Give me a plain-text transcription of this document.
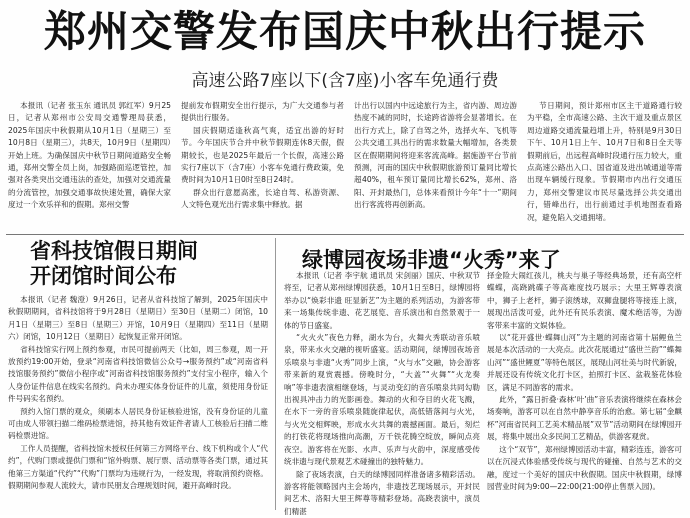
郑州交警发布国庆中秋出行提示
高速公路7座以下(含7座)小客车免通行费

本报讯（记者 张玉东 通讯员 郭红军）9月25日，记者从郑州市公安局交通警理局获悉，2025年国庆中秋假期从10月1日（星期三）至10月8日（星期三），共8天，10月9日（星期四）开始上班。为确保国庆中秋节日期间道路安全畅通，郑州交警全员上岗，加强路面巡逻管控，加强对各类突出交通违法的查处，加强对交通流量的分流管控，加强交通事故快速处置，确保大家度过一个欢乐祥和的假期。郑州交警

提前发布假期安全出行提示，为广大交通参与者提供出行服务。

国庆假期适逢秋高气爽，适宜出游的好时节。今年国庆节合并中秋节假期连休8天假，假期较长，也是2025年最后一个长假，高速公路实行7座以下（含7座）小客车免通行费政策，免费时间为10月1日0时至8日24时。

群众出行意愿高涨，长途自驾、私游资源、人文特色观光出行需求集中释放。据

计出行以国内中远途旅行为主，省内游、周边游热度不减的同时，长途跨省游将会显著增长。在出行方式上，除了自驾之外，选择火车、飞机等公共交通工具出行的需求数量大幅增加，各类景区在假期期间将迎来客流高峰。据施游平台节前预测，河南的国庆中秋假期旅游预订量同比增长超40%，租车预订量同比增长62%，郑州、洛阳、开封最热门，总体来看预计今年“十一”期间出行客流将再创新高。

节日期间，预计郑州市区主干道路通行较为平稳，全市高速公路、主次干道及重点景区周边道路交通流量趋增上升，特别是9月30日下午、10月1日上午、10月7日和8日全天等假期前后，出远程高峰时段通行压力较大，重点高速公路出入口、国省道及进出城通道等需出现车辆缓行现象。节假期市内出行交通压力，郑州交警建议市民尽量选择公共交通出行，错峰出行，出行前通过手机地图查看路况，避免陷入交通拥堵。

省科技馆假日期间
开闭馆时间公布

本报讯（记者 魏澄）9月26日，记者从省科技馆了解到，2025年国庆中秋假期期间，省科技馆将于9月28日（星期日）至30日（星期二）闭馆，10月1日（星期三）至8日（星期三）开馆，10月9日（星期四）至11日（星期六）闭馆，10月12日（星期日）起恢复正常开闭馆。

省科技馆实行网上预约参观，市民可提前两天（比如，周三参观，周一开放预约19:00开始，登录“河南省科技馆微信公众号→服务预约”或“河南省科技馆服务预约”微信小程序或“河南省科技馆服务预约”支付宝小程序，输入个人身份证件信息在线实名预约。尚未办理实体身份证件的儿童，须使用身份证件号码实名预约。

预约入馆门票的观众，须刷本人居民身份证核验进馆，没有身份证的儿童可由成人带领扫描二维码检票进馆，持其他有效证件者请人工核验后扫描二维码检票进馆。

工作人员提醒，省科技馆未授权任何第三方网络平台、线下机构或个人“代约”，代购门票或提供门票和“馆外购票、展厅票、活动票等各类门票，通过其他第三方渠道“代约”“代购”门票均为违规行为，一经发现，将取消预约资格。假期期间参观人流较大，请市民朋友合理规划时间，避开高峰时段。

绿博园夜场非遗“火秀”来了

本报讯（记者 李宇航 通讯员 宋剑丽）国庆、中秋双节将至，记者从郑州绿博园获悉，10月1日至8日，绿博园将举办以“焕彩非遗 旺显新艺”为主题的系列活动，为游客带来一场集传统非遗、花艺展览、音乐演出和自然景观于一体的节日盛宴。

“火火火”夜色力释，湖水为台，火舞火秀联动音乐喷泉，带来水火交融的视听盛宴。活动期间，绿博园夜场音乐喷泉与非遗“火秀”同步上演，“火与水”交融，协会游客带来新的观赏震撼。傍晚时分，“大盖”“火舞”“火龙奏响”等非遗表演相继登场，与灵动变幻的音乐喷泉共同勾勒出视具冲击力的光影画卷。舞动的火和夺目的火花飞溅，在水下一旁的音乐喷泉随旋律起伏，高低错落间与火光，与火光交相辉映，形成水火共舞的震撼画面。最后，刻烂的打铁花将现场推向高潮，万千铁花腾空绽放，瞬间点亮夜空。游客将在光影、水声、乐声与火韵中，深度感受传统非遗与现代景观艺术碰撞出的独特魅力。

除了夜场表演，白天的绿博园同样准备诸多精彩活动。游客将能领略园内主会场内，非遗技艺现场展示，开封民间艺术、洛阳大里王辉尊等精彩登场。高跷表演中，演员们精湛

择金险大闹红孩儿，桃夫与巢子等经典场景，还有高空杆蝶蝶，高跷跳碟子等高难度技巧展示；大里王辉尊表演中，狮子上老杆，狮子滚绣球，双狮盘腿将等接连上演，展现出活泼可爱，此外还有民乐表演、魔术绝活等，为游客带来丰富的文娱体验。

以“花开盛世·蝶舞山河”为主题的河南省第十届鲤鱼兰展是本次活动的一大亮点。此次花展通过“盛世兰韵”“蝶舞山河”“盛世鲤夏”等特色展区，展现山河壮美与时代新貌，并展还设有传统文化打卡区，拍照打卡区、盆栽鉴花体验区，满足不同游客的需求。

此外，“露日折叠·森林‘叶’曲”音乐表演将继续在森林会场奏响，游客可以在自然中静享音乐的治愈。第七届“金麒杯”河南省民间工艺美术精品展”双节”活动期间在绿博园开展，将集中展出众多民间工艺精品，供游客观赏。

这个“双节”，郑州绿博园活动丰富，精彩连连，游客可以在沉浸式体验感受传统与现代的碰撞、自然与艺术的交融，度过一个美好的国庆中秋假期。国庆中秋假期，绿博园营业时间为9:00—22:00(21:00停止售票入园)。
